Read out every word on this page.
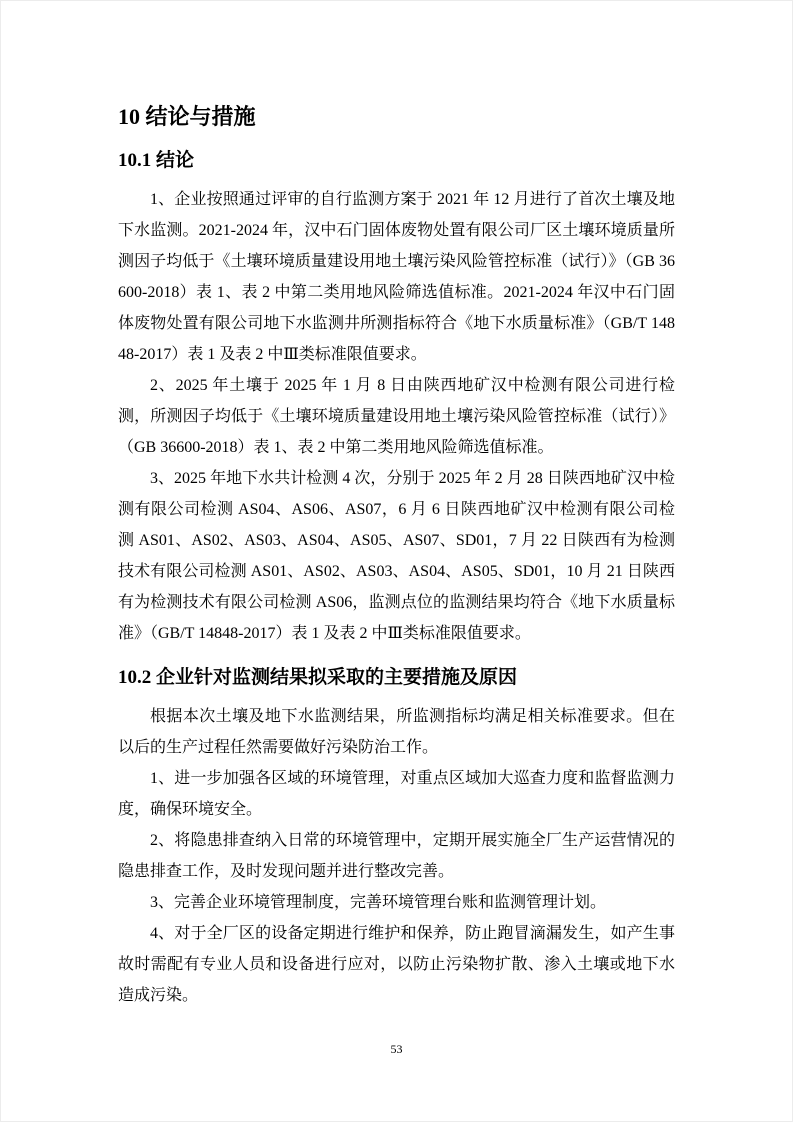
10 结论与措施
10.1 结论

1、企业按照通过评审的自行监测方案于 2021 年 12 月进行了首次土壤及地下水监测。2021-2024 年，汉中石门固体废物处置有限公司厂区土壤环境质量所测因子均低于《土壤环境质量建设用地土壤污染风险管控标准（试行）》（GB 36600-2018）表 1、表 2 中第二类用地风险筛选值标准。2021-2024 年汉中石门固体废物处置有限公司地下水监测井所测指标符合《地下水质量标准》（GB/T 14848-2017）表 1 及表 2 中Ⅲ类标准限值要求。

2、2025 年土壤于 2025 年 1 月 8 日由陕西地矿汉中检测有限公司进行检测，所测因子均低于《土壤环境质量建设用地土壤污染风险管控标准（试行）》（GB 36600-2018）表 1、表 2 中第二类用地风险筛选值标准。

3、2025 年地下水共计检测 4 次，分别于 2025 年 2 月 28 日陕西地矿汉中检测有限公司检测 AS04、AS06、AS07，6 月 6 日陕西地矿汉中检测有限公司检测 AS01、AS02、AS03、AS04、AS05、AS07、SD01，7 月 22 日陕西有为检测技术有限公司检测 AS01、AS02、AS03、AS04、AS05、SD01，10 月 21 日陕西有为检测技术有限公司检测 AS06，监测点位的监测结果均符合《地下水质量标准》（GB/T 14848-2017）表 1 及表 2 中Ⅲ类标准限值要求。

10.2 企业针对监测结果拟采取的主要措施及原因

根据本次土壤及地下水监测结果，所监测指标均满足相关标准要求。但在以后的生产过程任然需要做好污染防治工作。

1、进一步加强各区域的环境管理，对重点区域加大巡查力度和监督监测力度，确保环境安全。

2、将隐患排查纳入日常的环境管理中，定期开展实施全厂生产运营情况的隐患排查工作，及时发现问题并进行整改完善。

3、完善企业环境管理制度，完善环境管理台账和监测管理计划。

4、对于全厂区的设备定期进行维护和保养，防止跑冒滴漏发生，如产生事故时需配有专业人员和设备进行应对，以防止污染物扩散、渗入土壤或地下水造成污染。

53
